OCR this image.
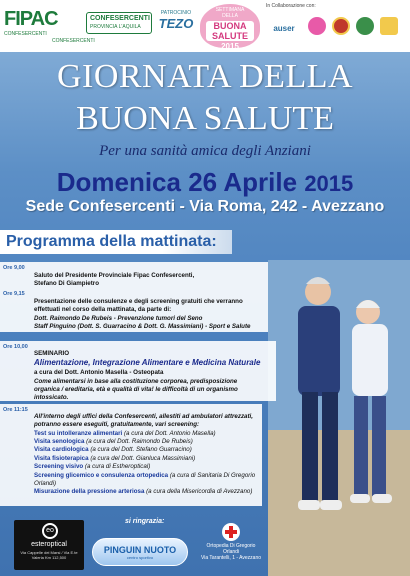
FIPAC
CONFESERCENTI
CONFESERCENTI
PROVINCIA L'AQUILA
CONFESERCENTI
PATROCINIO
TEZO
SETTIMANA
DELLA
BUONA SALUTE
2015
In Collaborazione con:
auser
GIORNATA DELLA
BUONA SALUTE
Per una sanità amica degli Anziani
Domenica 26 Aprile 2015
Sede Confesercenti - Via Roma, 242 - Avezzano
Programma della mattinata:
Ore 9,00
Saluto del Presidente Provinciale Fipac Confesercenti,
Stefano Di Giampietro
Ore 9,15
Presentazione delle consulenze e degli screening gratuiti che verranno
effettuati nel corso della mattinata, da parte di:
Dott. Raimondo De Rubeis - Prevenzione tumori del Seno
Staff Pinguino (Dott. S. Guarracino & Dott. G. Massimiani) - Sport e Salute
Ore 10,00
SEMINARIO
Alimentazione, Integrazione Alimentare e Medicina Naturale
a cura del Dott. Antonio Masella - Osteopata
Come alimentarsi in base alla costituzione corporea, predisposizione
organica / ereditaria, età e qualità di vita! le difficoltà di un organismo intossicato.
Ore 11:15
All'interno degli uffici della Confesercenti, allestiti ad ambulatori attrezzati,
potranno essere eseguiti, gratuitamente, vari screening:
Test su intolleranze alimentari (a cura del Dott. Antonio Masella)
Visita senologica (a cura del Dott. Raimondo De Rubeis)
Visita cardiologica (a cura del Dott. Stefano Guarracino)
Visita fisioterapica (a cura del Dott. Gianluca Massimiani)
Screening visivo (a cura di Estheroptical)
Screening glicemico e consulenza ortopedica (a cura di Sanitaria Di Gregorio Orlandi)
Misurazione della pressione arteriosa (a cura della Misericordia di Avezzano)
si ringrazia:
eo
esteroptical
Via Cappelle dei Marsi / Via E.te Valeria Km 112,500
PINGUIN NUOTO
centro sportivo
Ortopedia Di Gregorio Orlandi
Via Tarantelli, 1 - Avezzano
